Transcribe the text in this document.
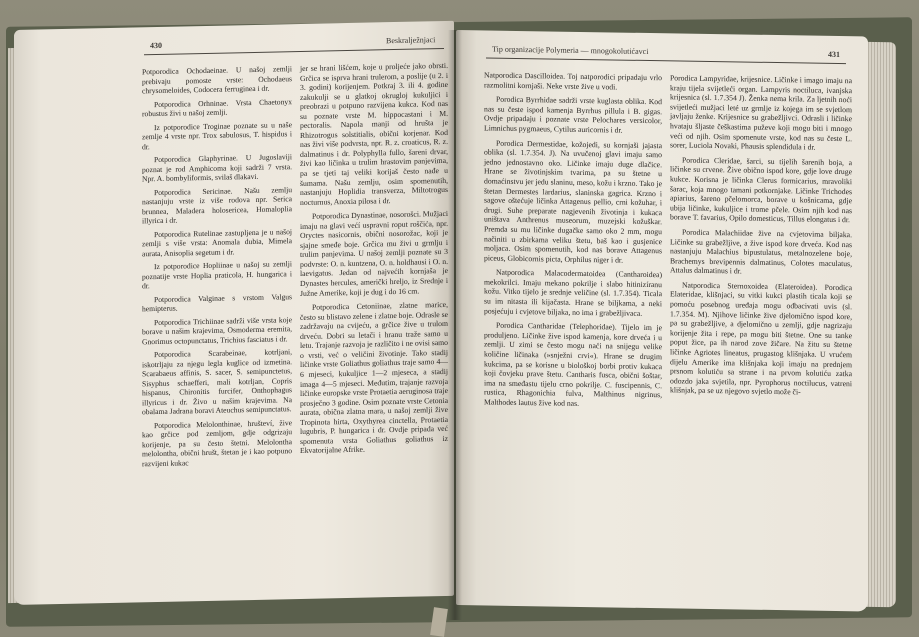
430
Beskralježnjaci

Potporodica Ochodaeinae. U našoj zemlji prebivaju pomoste vrste: Ochodaeus chrysomeloides, Codocera ferruginea i dr.

Potporodica Orhninae. Vrsta Chaetonyx robustus živi u našoj zemlji.

Iz potporodice Troginae poznate su u naše zemlje 4 vrste npr. Trox sabulosus, T. hispidus i dr.

Potporodica Glaphyrinae. U Jugoslaviji poznat je rod Amphicoma koji sadrži 7 vrsta. Npr. A. bombyliformis, svilaš dlakavi.

Potporodica Sericinae. Našu zemlju nastanjuju vrste iz više rodova npr. Serica brunnea, Maladera holosericea, Homaloplia illyrica i dr.

Potporodica Rutelinae zastupljena je u našoj zemlji s više vrsta: Anomala dubia, Mimela aurata, Anisoplia segetum i dr.

Iz potporodice Hopliinae u našoj su zemlji poznatije vrste Hoplia praticola, H. hungarica i dr.

Potporodica Valginae s vrstom Valgus hemipterus.

Potporodica Trichiinae sadrži više vrsta koje borave u našim krajevima, Osmoderma eremita, Gnorimus octopunctatus, Trichius fasciatus i dr.

Potporodica Scarabeinae, kotrljani, iskotrljaju za njegu legla kuglice od izmetina. Scarabaeus affinis, S. sacer, S. semipunctetus, Sisyphus schaefferi, mali kotrljan, Copris hispanus, Chironitis furcifer, Onthophagus illyricus i dr. Živo u našim krajevima. Na obalama Jadrana boravi Ateuchus semipunctatus.

Potporodica Melolonthinae, hrušteví, žive kao grčice pod zemljom, gdje odgrizaju korijenje, pa su često štetni. Melolontha melolontha, obični hrušt, štetan je i kao potpuno razvijeni kukac

jer se hrani lišćem, koje u proljeće jako obrsti. Grčica se isprva hrani trulerom, a poslije (u 2. i 3. godini) korijenjem. Potkraj 3. ili 4. godine zakukulji se u glatkoj okruglој kukuljici i preobrazi u potpuno razvijena kukca. Kod nas su poznate vrste M. hippocastani i M. pectoralis. Napola manji od hrušta je Rhizotrogus solstitialis, obični korjenar. Kod nas živi više podvrsta, npr. R. z. croaticus, R. z. dalmatinus i dr. Polyphylla fullo, šareni drvar, živi kao ličinka u trulim hrastovim panjevima, pa se tjeti taj veliki korijaš često nađe u šumama. Našu zemlju, osim spomenutih, nastanjuju Hoplidia transverza, Miltotrogus nocturnus, Anoxia pilosa i dr.

Potporodica Dynastinae, nosorošci. Mužjaci imaju na glavi većí uspravni roput roščića, npr. Oryctes nasicornis, obični nosorožac, koji je sjajne smeđe boje. Grčica mu živi u grmlju i trulim panjevima. U našoj zemlji poznate su 3 podvrste: O. n. kuntzena, O. n. holdhausi i O. n. laevigatus. Jedan od najvećih kornjaša je Dynastes hercules, američki hrelјo, iz Srednje i Južne Amerike, koji je dug i do 16 cm.

Potporodica Cetoniinae, zlatne marice, često su blistavo zelene i zlatne boje. Odrasle se zadržavaju na cvijeću, a grčice žive u trulom drveću. Dobri su letači i hranu traže samo u letu. Trajanje razvoja je različito i ne ovisi samo o vrsti, već o veličini životinje. Tako stadij ličinke vrste Goliathus goliathus traje samo 4—6 mjeseci, kukuljice 1—2 mjeseca, a stadij imaga 4—5 mjeseci. Međutim, trajanje razvoja ličinke europske vrste Protaetia aeruginosa traje prosječno 3 godine. Osim poznate vrste Cetonia aurata, obična zlatna mara, u našoj zemlji žive Tropinota hirta, Oxythyrea cinctella, Protaetia lugubris, P. hungarica i dr. Ovdje pripada već spomenuta vrsta Goliathus goliathus iz Ekvatorijalne Afrike.

Tip organizacije Polymeria — mnogokolutićavci	431

Natporodica Dascilloidea. Toj natporodici pripadaju vrlo razmolitni kornjaši. Neke vrste žive u vodi.

Porodica Byrrhidae sadrži vrste kuglasta oblika. Kod nas su česte ispod kamenja Byrrhus pillula i B. gigas. Ovdje pripadaju i poznate vrste Pelochares versicolor, Limnichus pygmaeus, Cytilus auricornis i dr.

Porodica Dermestidae, kožojedi, su kornjaši jajasta oblika (sl. 1.7.354. J). Na uvučenoj glavi imaju samo jedno jednostavno oko. Ličinke imaju duge dlačice. Hrane se životinjskim tvarima, pa su štetne u domaćinstvu jer jedu slaninu, meso, kožu i krzno. Tako je štetan Dermestes lardarius, slaninska gagrica. Krzno i sagove oštećuje ličinka Attagenus pellio, crni kožuhar, i drugi. Suhe preparate nagjevenih životinja i kukaca uništava Anthrenus museorum, muzejski kožuškar. Premda su mu ličinke dugačke samo oko 2 mm, mogu načiniti u zbirkama veliku štetu, baš kao i gusjenice moljaca. Osim spomenutih, kod nas borave Attagenus piceus, Globicornis picta, Orphilus niger i dr.

Natporodica Malacodermatoidea (Cantharoidea) mekokrilci. Imaju mekano pokrilje i slabo hitinizíranu kožu. Vitko tijelo je srednje veličine (sl. 1.7.354). Ticala su im nitasta ili kijačasta. Hrane se biljkama, a neki posjećuju i cvjetove biljaka, no ima i grabežljivaca.

Porodica Cantharidae (Telephoridae). Tijelo im je produljeno. Ličinke žive ispod kamenja, kore drveća i u zemlji. U zimi se često mogu naći na snijegu velike količine ličinaka (»snježni crvi«). Hrane se drugim kukcima, pa se korisne u biološkoj borbi protiv kukaca koji čovjeku prave štetu. Cantharis fusca, obični šoštar, ima na smeđastu tijelu crno pokrilje. C. fuscipennis, C. rustica, Rhagonichia fulva, Malthinus nigrinus, Malthodes lautus žive kod nas.

Porodica Lampyridae, krijesnice. Ličinke i imago imaju na kraju tijela svijetleći organ. Lampyris noctiluca, ivanjska krijesnica (sl. 1.7.354 J). Ženka nema krila. Za ljetnih noći svijetleći mužjaci leté uz grmlje iz kojega im se svjetlom javljaju ženke. Krijesnice su grabežljivci. Odrasli i ličinke hvataju šljaste češkastima puževe koji mogu biti i mnogo veći od njih. Osim spomenute vrste, kod nas su česte L. sorer, Luciola Novaki, Phausis splendidula i dr.

Porodica Cleridae, šarci, su tijelih šarenih boja, a ličinke su crvene. Žive obično ispod kore, gdje love druge kukce. Korisna je ličinka Clerus formicarius, mravoliki šarac, koja mnogo tamani potkornjake. Ličinke Trichodes apiarius, šareno pčelomorca, borave u košnicama, gdje ubija ličinke, kukuljice i trome pčele. Osim njih kod nas borave T. favarius, Opilo domesticus, Tillus elongatus i dr.

Porodica Malachiidae žive na cvjetovima biljaka. Ličinke su grabežljive, a žive ispod kore drveća. Kod nas nastanjuju Malachius bipustulatus, metalnozelene boje, Brachemys brevipennis dalmatinus, Colotes maculatus, Attalus dalmatinus i dr.

Natporodica Sternoxoidea (Elateroidea). Porodica Elateridae, klišnjaci, su vitki kukci plastih ticala koji se pomoću posebnog uređaja mogu odbacivati uvis (sl. 1.7.354. M). Njihove ličinke žive djelomično ispod kore, pa su grabežljive, a djelomično u zemlji, gdje nagrizaju korijenje žita i repe, pa mogu biti štetne. One su tanke poput žice, pa ih narod zove žičare. Na žitu su štetne ličinke Agriotes lineatus, prugastog klišnjaka. U vrućem dijelu Amerike ima klišnjaka koji imaju na prednjem prsnom kolutiću sa strane i na prvom kolutiću zatka odozdo jaka svjetila, npr. Pyrophorus noctilucus, vatreni klišnjak, pa se uz njegovo svjetlo može či-
